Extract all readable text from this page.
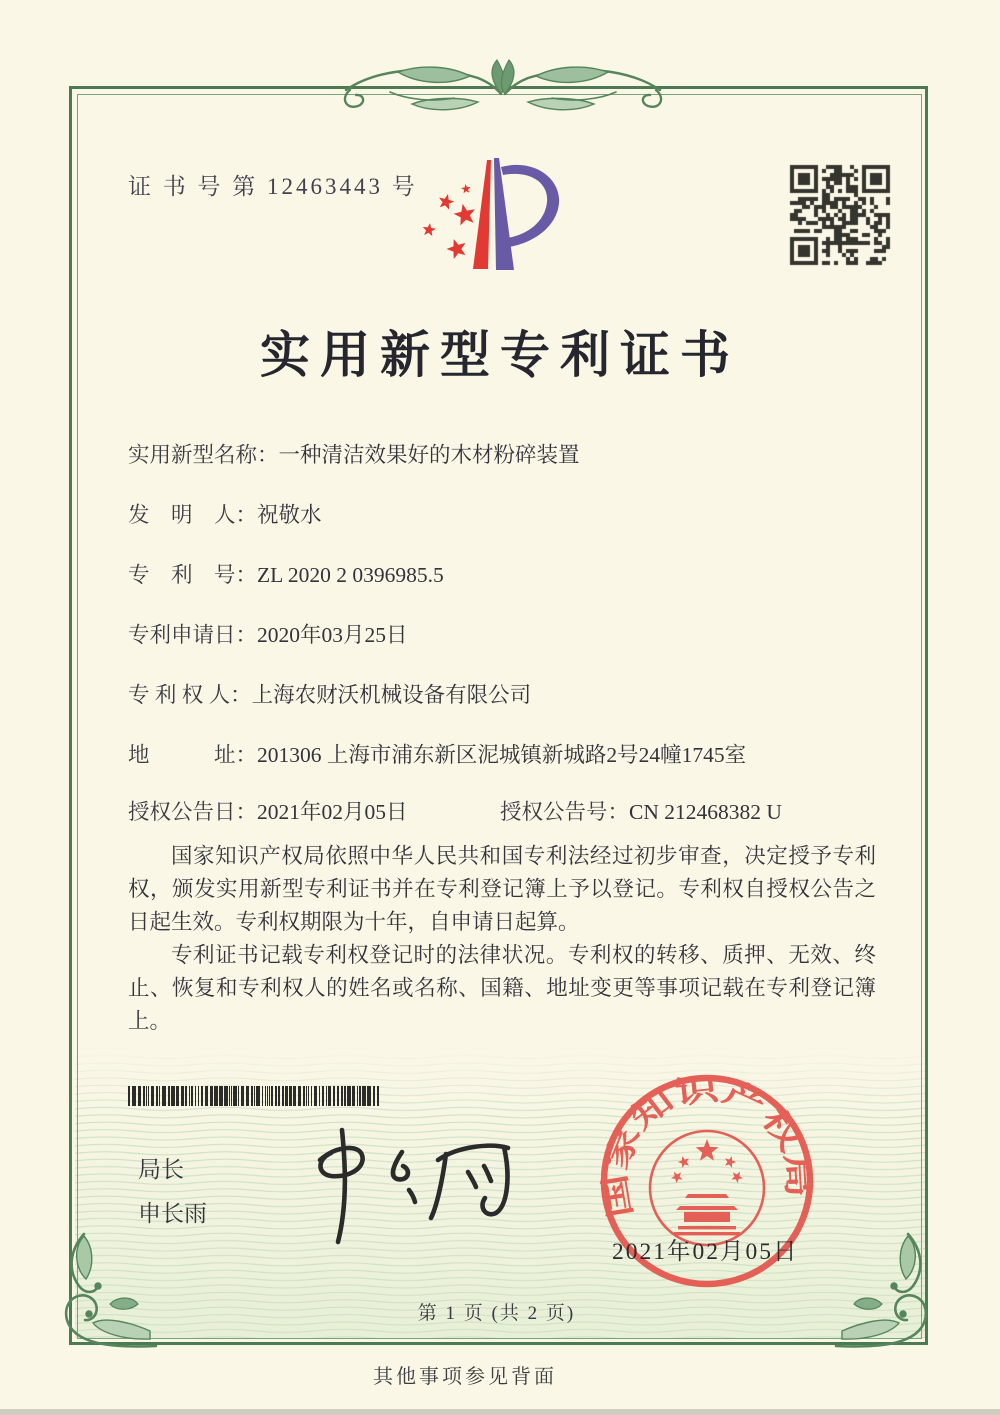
证 书 号 第 12463443 号
实用新型专利证书
实用新型名称：一种清洁效果好的木材粉碎装置
发　明　人：祝敬水
专　利　号：ZL 2020 2 0396985.5
专利申请日：2020年03月25日
专 利 权 人：上海农财沃机械设备有限公司
地　　　址：201306 上海市浦东新区泥城镇新城路2号24幢1745室
授权公告日：2021年02月05日	授权公告号：CN 212468382 U

国家知识产权局依照中华人民共和国专利法经过初步审查，决定授予专利权，颁发实用新型专利证书并在专利登记簿上予以登记。专利权自授权公告之日起生效。专利权期限为十年，自申请日起算。

专利证书记载专利权登记时的法律状况。专利权的转移、质押、无效、终止、恢复和专利权人的姓名或名称、国籍、地址变更等事项记载在专利登记簿上。

局长
申长雨	国家知识产权局
2021年02月05日
第 1 页 (共 2 页)
其他事项参见背面
